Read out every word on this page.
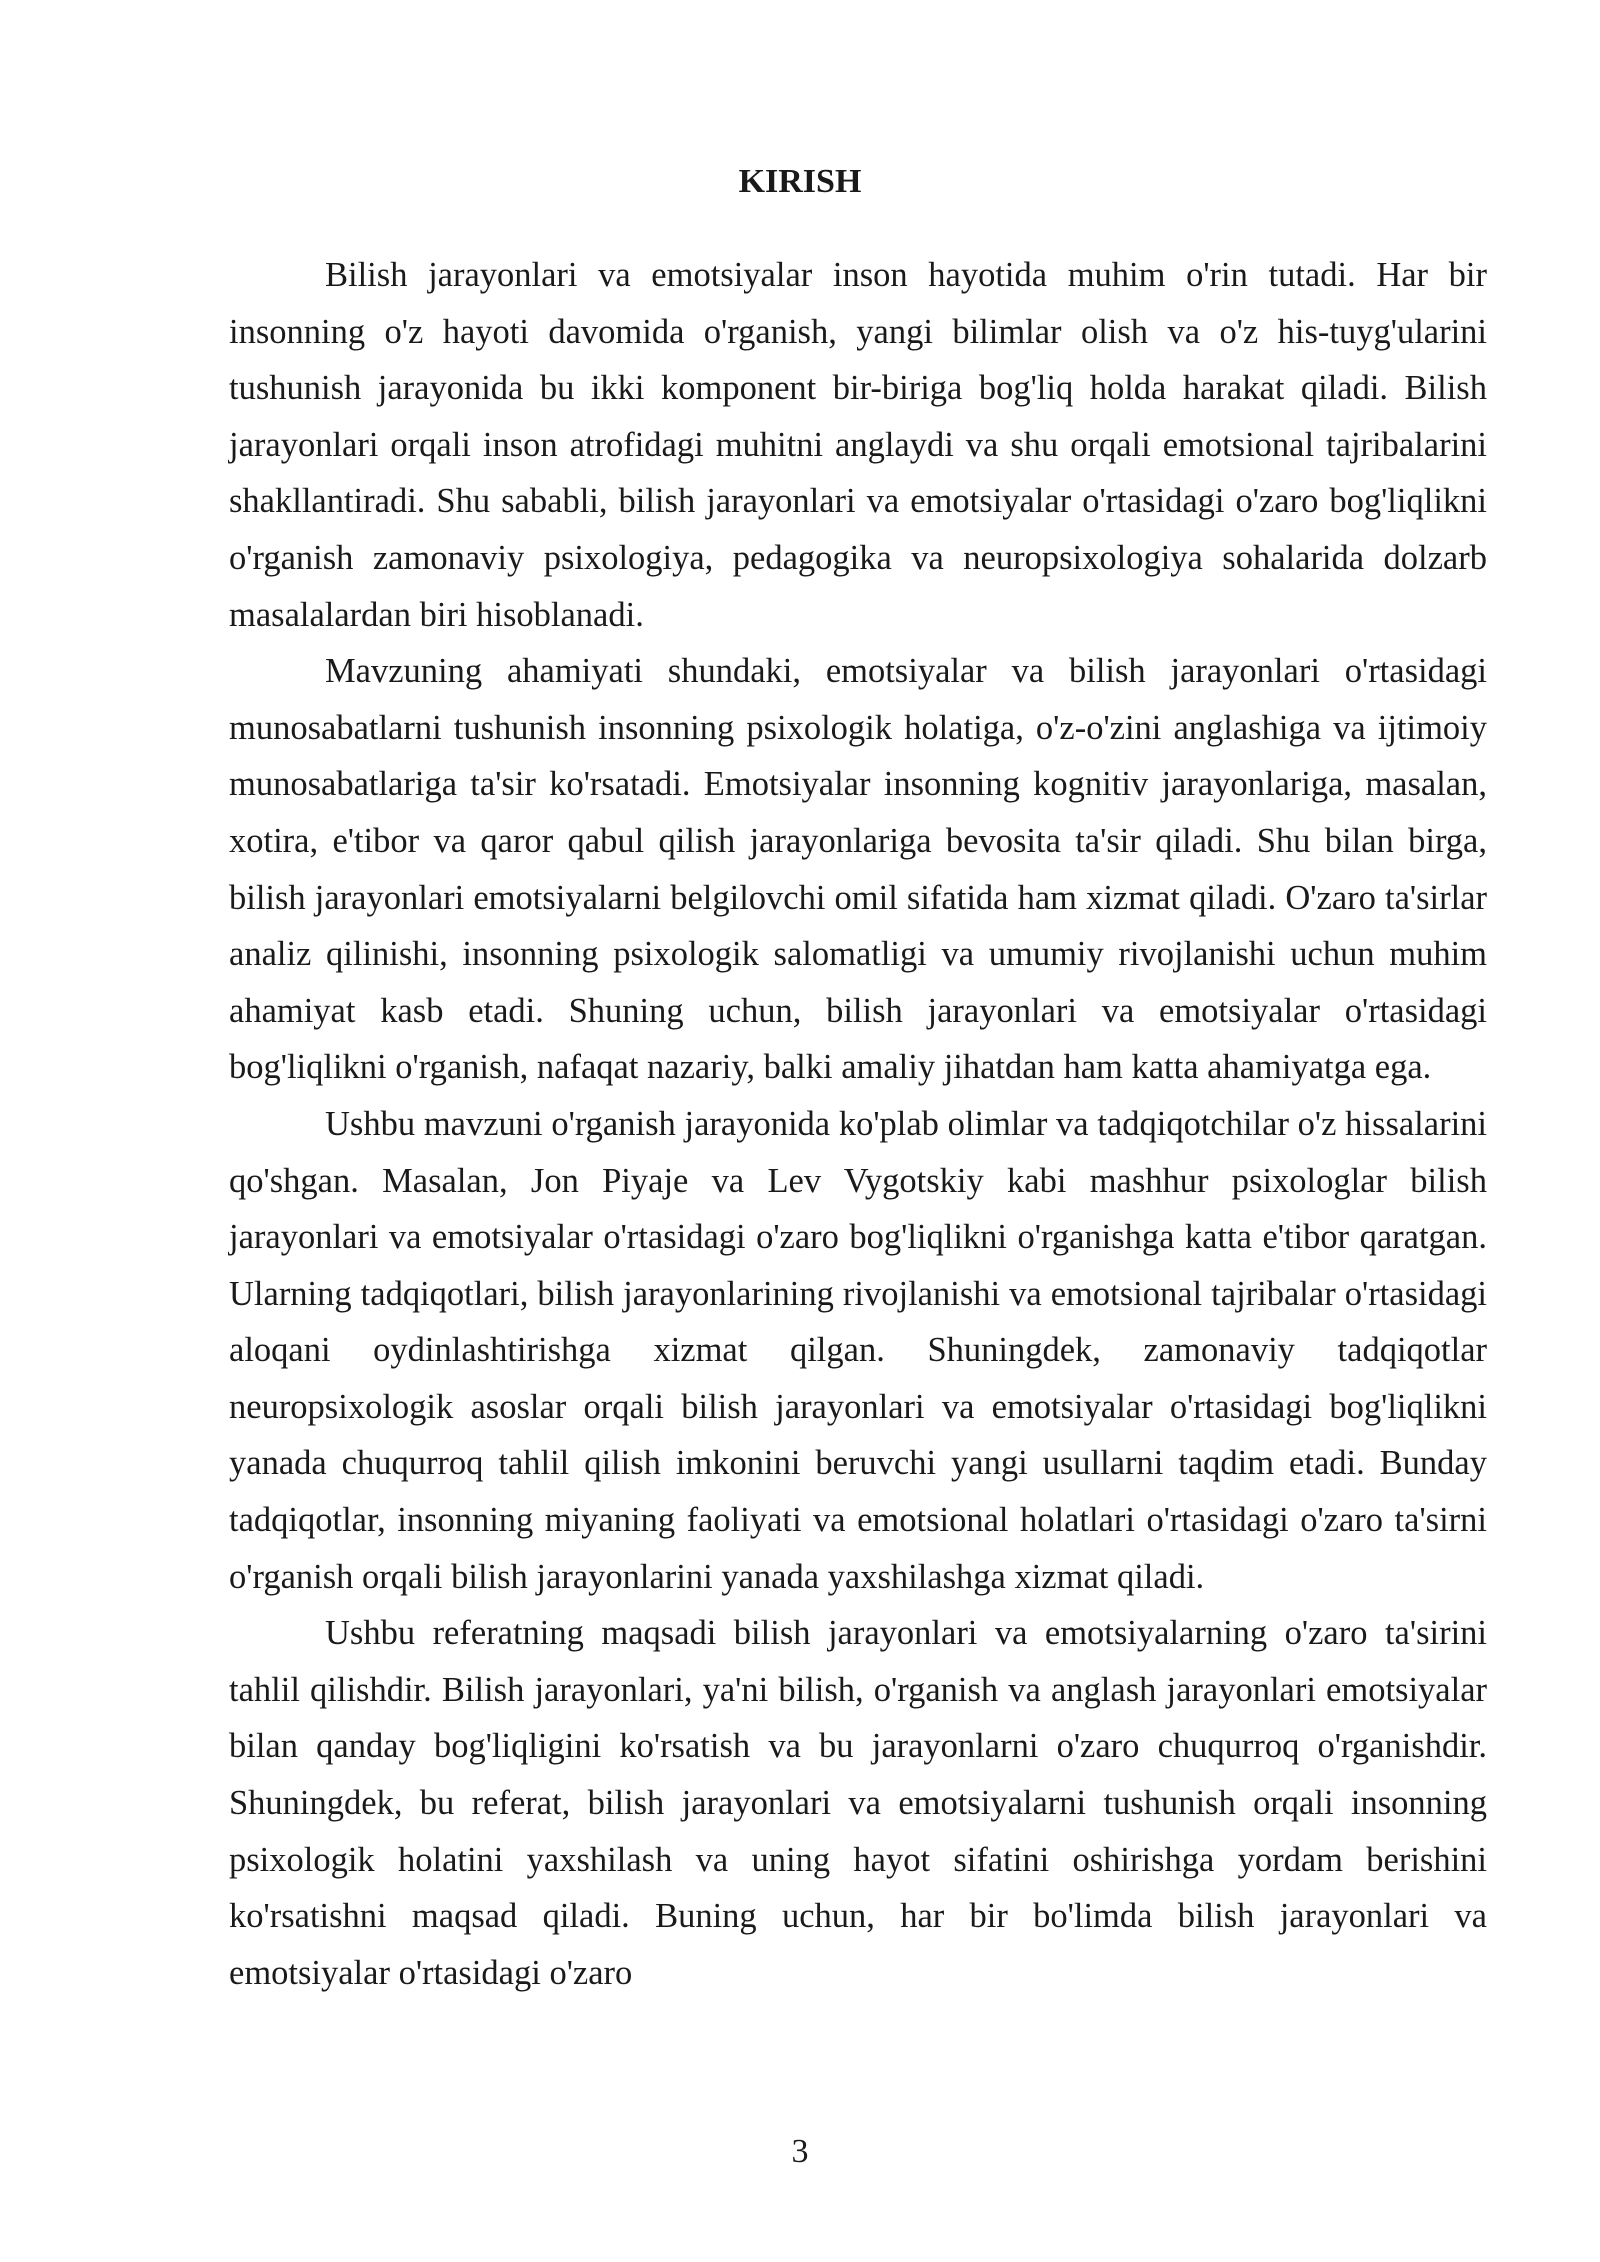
KIRISH

Bilish jarayonlari va emotsiyalar inson hayotida muhim o'rin tutadi. Har bir insonning o'z hayoti davomida o'rganish, yangi bilimlar olish va o'z his-tuyg'ularini tushunish jarayonida bu ikki komponent bir-biriga bog'liq holda harakat qiladi. Bilish jarayonlari orqali inson atrofidagi muhitni anglaydi va shu orqali emotsional tajribalarini shakllantiradi. Shu sababli, bilish jarayonlari va emotsiyalar o'rtasidagi o'zaro bog'liqlikni o'rganish zamonaviy psixologiya, pedagogika va neuropsixologiya sohalarida dolzarb masalalardan biri hisoblanadi.

Mavzuning ahamiyati shundaki, emotsiyalar va bilish jarayonlari o'rtasidagi munosabatlarni tushunish insonning psixologik holatiga, o'z-o'zini anglashiga va ijtimoiy munosabatlariga ta'sir ko'rsatadi. Emotsiyalar insonning kognitiv jarayonlariga, masalan, xotira, e'tibor va qaror qabul qilish jarayonlariga bevosita ta'sir qiladi. Shu bilan birga, bilish jarayonlari emotsiyalarni belgilovchi omil sifatida ham xizmat qiladi. O'zaro ta'sirlar analiz qilinishi, insonning psixologik salomatligi va umumiy rivojlanishi uchun muhim ahamiyat kasb etadi. Shuning uchun, bilish jarayonlari va emotsiyalar o'rtasidagi bog'liqlikni o'rganish, nafaqat nazariy, balki amaliy jihatdan ham katta ahamiyatga ega.

Ushbu mavzuni o'rganish jarayonida ko'plab olimlar va tadqiqotchilar o'z hissalarini qo'shgan. Masalan, Jon Piyaje va Lev Vygotskiy kabi mashhur psixologlar bilish jarayonlari va emotsiyalar o'rtasidagi o'zaro bog'liqlikni o'rganishga katta e'tibor qaratgan. Ularning tadqiqotlari, bilish jarayonlarining rivojlanishi va emotsional tajribalar o'rtasidagi aloqani oydinlashtirishga xizmat qilgan. Shuningdek, zamonaviy tadqiqotlar neuropsixologik asoslar orqali bilish jarayonlari va emotsiyalar o'rtasidagi bog'liqlikni yanada chuqurroq tahlil qilish imkonini beruvchi yangi usullarni taqdim etadi. Bunday tadqiqotlar, insonning miyaning faoliyati va emotsional holatlari o'rtasidagi o'zaro ta'sirni o'rganish orqali bilish jarayonlarini yanada yaxshilashga xizmat qiladi.

Ushbu referatning maqsadi bilish jarayonlari va emotsiyalarning o'zaro ta'sirini tahlil qilishdir. Bilish jarayonlari, ya'ni bilish, o'rganish va anglash jarayonlari emotsiyalar bilan qanday bog'liqligini ko'rsatish va bu jarayonlarni o'zaro chuqurroq o'rganishdir. Shuningdek, bu referat, bilish jarayonlari va emotsiyalarni tushunish orqali insonning psixologik holatini yaxshilash va uning hayot sifatini oshirishga yordam berishini ko'rsatishni maqsad qiladi. Buning uchun, har bir bo'limda bilish jarayonlari va emotsiyalar o'rtasidagi o'zaro

3
